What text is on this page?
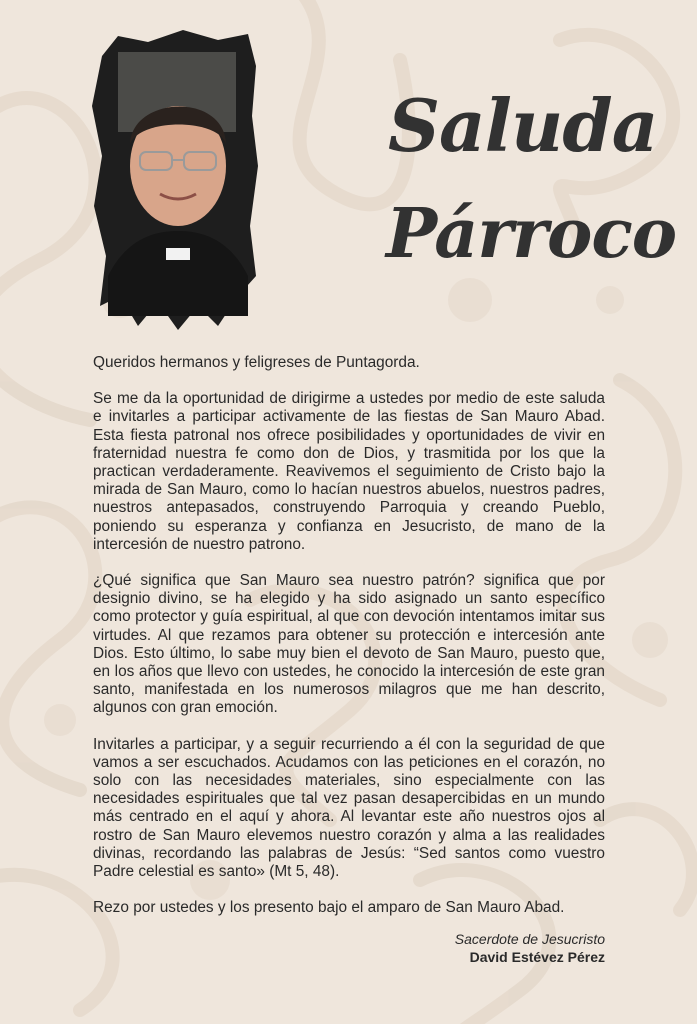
Saluda
Párroco

Queridos hermanos y feligreses de Puntagorda.

Se me da la oportunidad de dirigirme a ustedes por medio de este saluda e invitarles a participar activamente de las fiestas de San Mauro Abad. Esta fiesta patronal nos ofrece posibilidades y oportunidades de vivir en fraternidad nuestra fe como don de Dios, y trasmitida por los que la practican verdaderamente. Reavivemos el seguimiento de Cristo bajo la mirada de San Mauro, como lo hacían nuestros abuelos, nuestros padres, nuestros antepasados, construyendo Parroquia y creando Pueblo, poniendo su esperanza y confianza en Jesucristo, de mano de la intercesión de nuestro patrono.

¿Qué significa que San Mauro sea nuestro patrón? significa que por designio divino, se ha elegido y ha sido asignado un santo específico como protector y guía espiritual, al que con devoción intentamos imitar sus virtudes. Al que rezamos para obtener su protección e intercesión ante Dios. Esto último, lo sabe muy bien el devoto de San Mauro, puesto que, en los años que llevo con ustedes, he conocido la intercesión de este gran santo, manifestada en los numerosos milagros que me han descrito, algunos con gran emoción.

Invitarles a participar, y a seguir recurriendo a él con la seguridad de que vamos a ser escuchados. Acudamos con las peticiones en el corazón, no solo con las necesidades materiales, sino especialmente con las necesidades espirituales que tal vez pasan desapercibidas en un mundo más centrado en el aquí y ahora. Al levantar este año nuestros ojos al rostro de San Mauro elevemos nuestro corazón y alma a las realidades divinas, recordando las palabras de Jesús: “Sed santos como vuestro Padre celestial es santo» (Mt 5, 48).

Rezo por ustedes y los presento bajo el amparo de San Mauro Abad.

Sacerdote de Jesucristo
David Estévez Pérez
